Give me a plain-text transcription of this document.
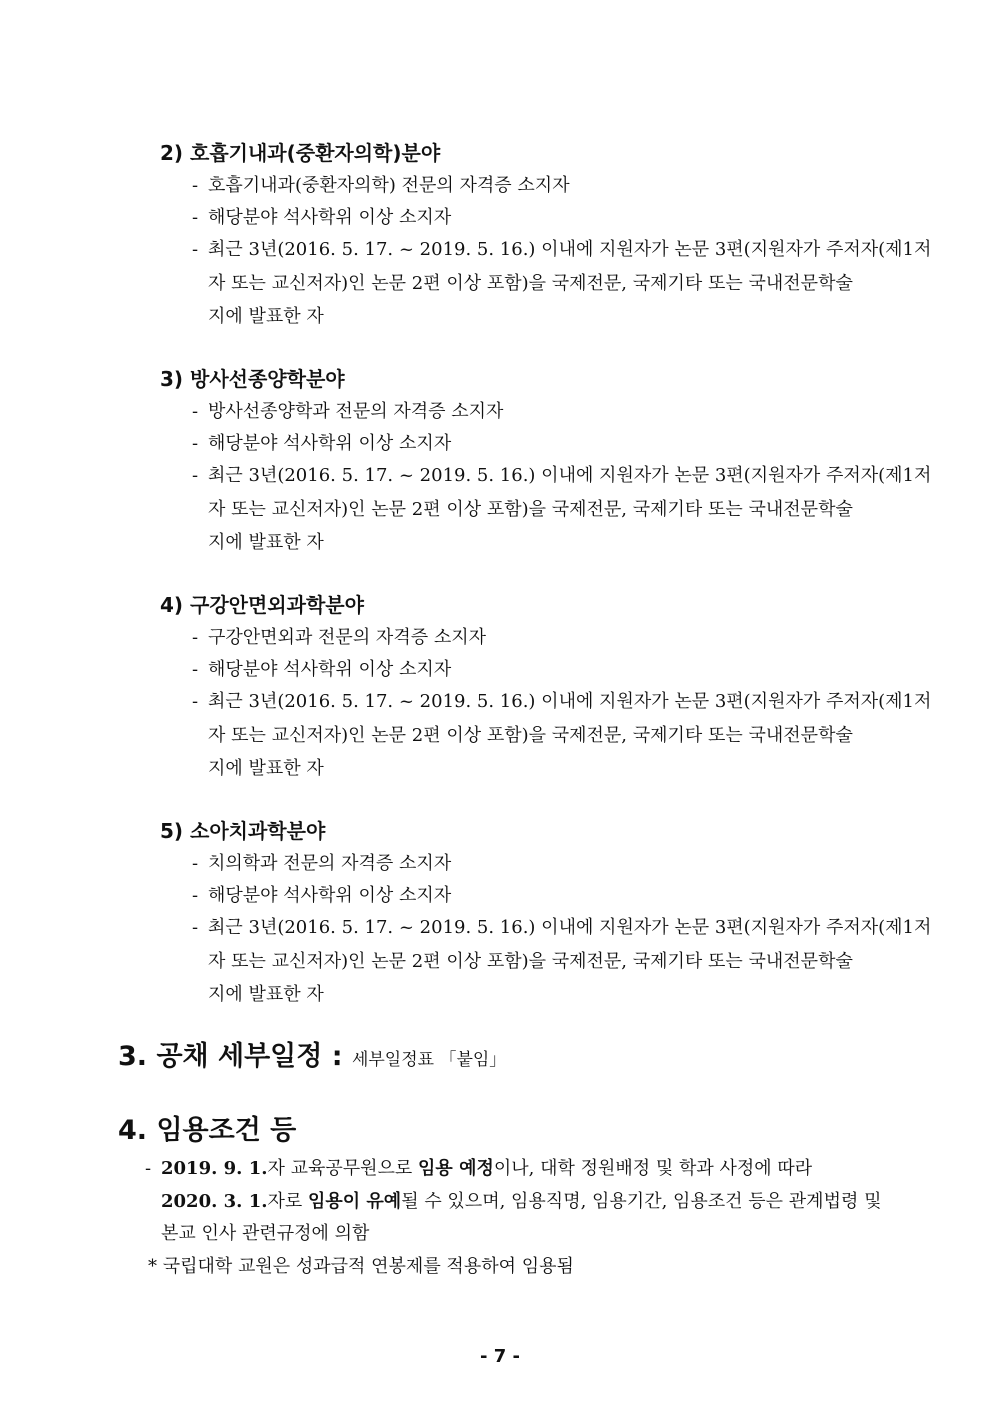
2) 호흡기내과(중환자의학)분야
- 호흡기내과(중환자의학) 전문의 자격증 소지자
- 해당분야 석사학위 이상 소지자
- 최근 3년(2016. 5. 17. ~ 2019. 5. 16.) 이내에 지원자가 논문 3편(지원자가 주저자(제1저
자 또는 교신저자)인 논문 2편 이상 포함)을 국제전문, 국제기타 또는 국내전문학술
지에 발표한 자
3) 방사선종양학분야
- 방사선종양학과 전문의 자격증 소지자
- 해당분야 석사학위 이상 소지자
- 최근 3년(2016. 5. 17. ~ 2019. 5. 16.) 이내에 지원자가 논문 3편(지원자가 주저자(제1저
자 또는 교신저자)인 논문 2편 이상 포함)을 국제전문, 국제기타 또는 국내전문학술
지에 발표한 자
4) 구강안면외과학분야
- 구강안면외과 전문의 자격증 소지자
- 해당분야 석사학위 이상 소지자
- 최근 3년(2016. 5. 17. ~ 2019. 5. 16.) 이내에 지원자가 논문 3편(지원자가 주저자(제1저
자 또는 교신저자)인 논문 2편 이상 포함)을 국제전문, 국제기타 또는 국내전문학술
지에 발표한 자
5) 소아치과학분야
- 치의학과 전문의 자격증 소지자
- 해당분야 석사학위 이상 소지자
- 최근 3년(2016. 5. 17. ~ 2019. 5. 16.) 이내에 지원자가 논문 3편(지원자가 주저자(제1저
자 또는 교신저자)인 논문 2편 이상 포함)을 국제전문, 국제기타 또는 국내전문학술
지에 발표한 자
3. 공채 세부일정 : 세부일정표 「붙임」
4. 임용조건 등
- 2019. 9. 1.자 교육공무원으로 임용 예정이나, 대학 정원배정 및 학과 사정에 따라
2020. 3. 1.자로 임용이 유예될 수 있으며, 임용직명, 임용기간, 임용조건 등은 관계법령 및
본교 인사 관련규정에 의함
* 국립대학 교원은 성과급적 연봉제를 적용하여 임용됨
- 7 -
